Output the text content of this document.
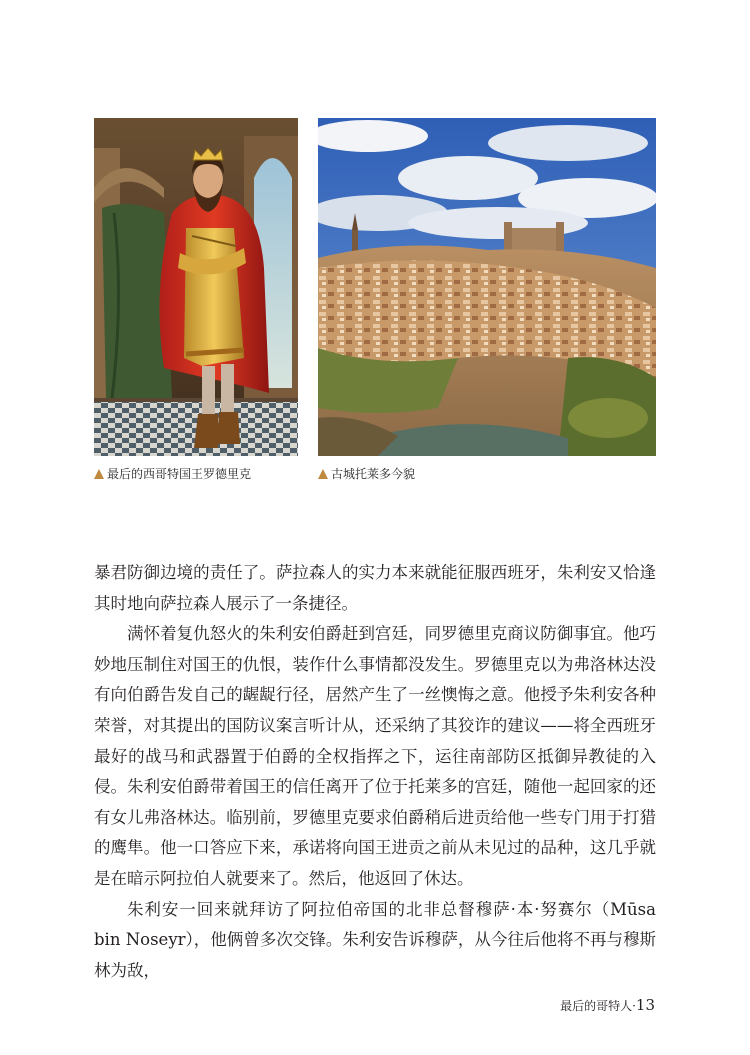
最后的西哥特国王罗德里克	古城托莱多今貌

暴君防御边境的责任了。萨拉森人的实力本来就能征服西班牙，朱利安又恰逢其时地向萨拉森人展示了一条捷径。

满怀着复仇怒火的朱利安伯爵赶到宫廷，同罗德里克商议防御事宜。他巧妙地压制住对国王的仇恨，装作什么事情都没发生。罗德里克以为弗洛林达没有向伯爵告发自己的龌龊行径，居然产生了一丝懊悔之意。他授予朱利安各种荣誉，对其提出的国防议案言听计从，还采纳了其狡诈的建议——将全西班牙最好的战马和武器置于伯爵的全权指挥之下，运往南部防区抵御异教徒的入侵。朱利安伯爵带着国王的信任离开了位于托莱多的宫廷，随他一起回家的还有女儿弗洛林达。临别前，罗德里克要求伯爵稍后进贡给他一些专门用于打猎的鹰隼。他一口答应下来，承诺将向国王进贡之前从未见过的品种，这几乎就是在暗示阿拉伯人就要来了。然后，他返回了休达。

朱利安一回来就拜访了阿拉伯帝国的北非总督穆萨·本·努赛尔（Mūsa bin Noseyr），他俩曾多次交锋。朱利安告诉穆萨，从今往后他将不再与穆斯林为敌，

最后的哥特人·13
